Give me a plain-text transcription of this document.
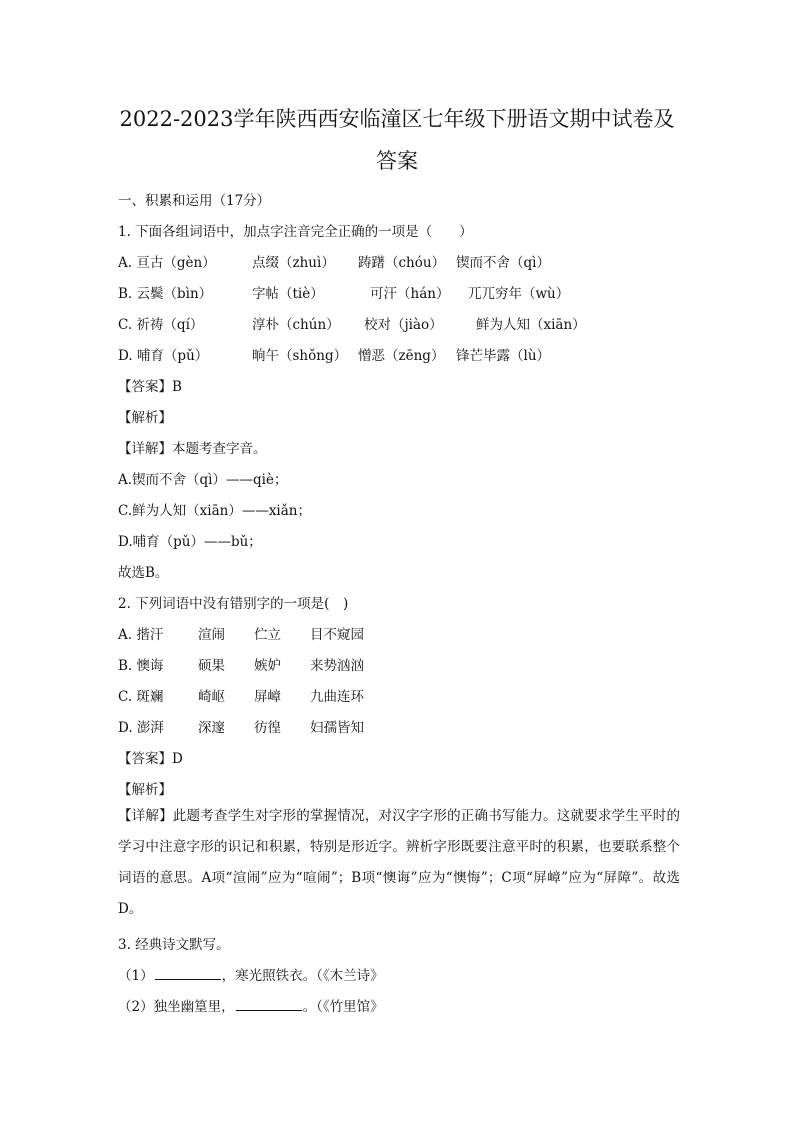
2022-2023学年陕西西安临潼区七年级下册语文期中试卷及
答案
一、积累和运用（17分）
1. 下面各组词语中，加点字注音完全正确的一项是（　　）
A. 亘古（gèn）	点缀（zhuì） 踌躇（chóu） 锲而不舍（qì）
B. 云鬓（bìn）	字帖（tiè）	可汗（hán） 兀兀穷年（wù）
C. 祈祷（qí）	淳朴（chún） 校对（jiào） 鲜为人知（xiān）
D. 哺育（pǔ）	晌午（shǒng） 憎恶（zēng） 锋芒毕露（lù）
【答案】B
【解析】
【详解】本题考查字音。
A.锲而不舍（qì）——qiè；
C.鲜为人知（xiān）——xiǎn；
D.哺育（pǔ）——bǔ；
故选B。
2. 下列词语中没有错别字的一项是(　)
A. 揩汗	渲闹 伫立 目不窥园
B. 懊诲	硕果 嫉妒 来势汹汹
C. 斑斓	崎岖 屏嶂 九曲连环
D. 澎湃	深邃 彷徨 妇孺皆知
【答案】D
【解析】
【详解】此题考查学生对字形的掌握情况，对汉字字形的正确书写能力。这就要求学生平时的学习中注意字形的识记和积累，特别是形近字。辨析字形既要注意平时的积累，也要联系整个词语的意思。A项“渲闹”应为“喧闹”；B项“懊诲”应为“懊悔”；C项“屏嶂”应为“屏障”。故选D。
3. 经典诗文默写。
（1）	，寒光照铁衣。（《木兰诗》
（2）独坐幽篁里，	。（《竹里馆》
